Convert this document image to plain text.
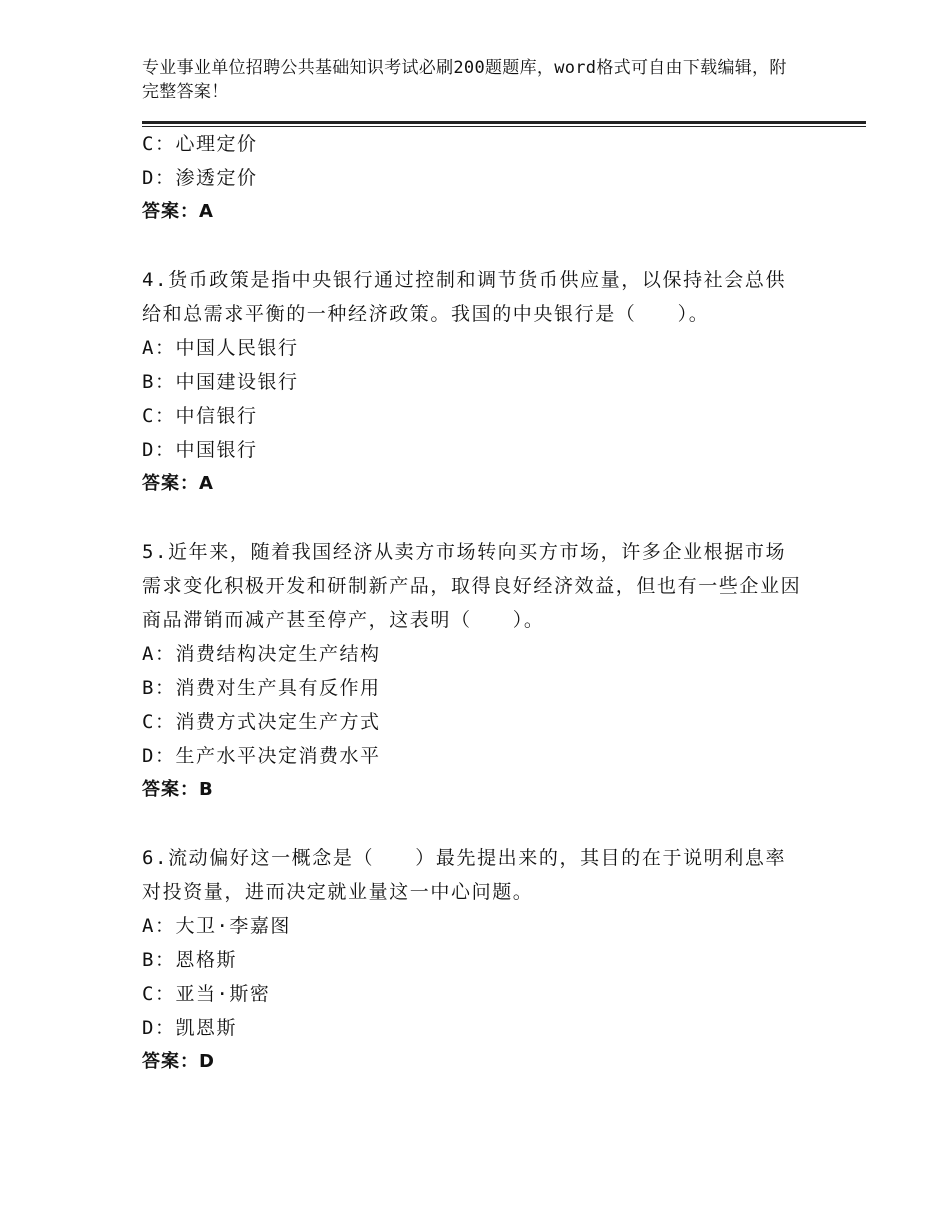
专业事业单位招聘公共基础知识考试必刷200题题库，word格式可自由下载编辑，附完整答案！
C：心理定价
D：渗透定价
答案：A
4.货币政策是指中央银行通过控制和调节货币供应量，以保持社会总供给和总需求平衡的一种经济政策。我国的中央银行是（　　）。
A：中国人民银行
B：中国建设银行
C：中信银行
D：中国银行
答案：A
5.近年来，随着我国经济从卖方市场转向买方市场，许多企业根据市场需求变化积极开发和研制新产品，取得良好经济效益，但也有一些企业因商品滞销而减产甚至停产，这表明（　　）。
A：消费结构决定生产结构
B：消费对生产具有反作用
C：消费方式决定生产方式
D：生产水平决定消费水平
答案：B
6.流动偏好这一概念是（　　）最先提出来的，其目的在于说明利息率对投资量，进而决定就业量这一中心问题。
A：大卫·李嘉图
B：恩格斯
C：亚当·斯密
D：凯恩斯
答案：D
